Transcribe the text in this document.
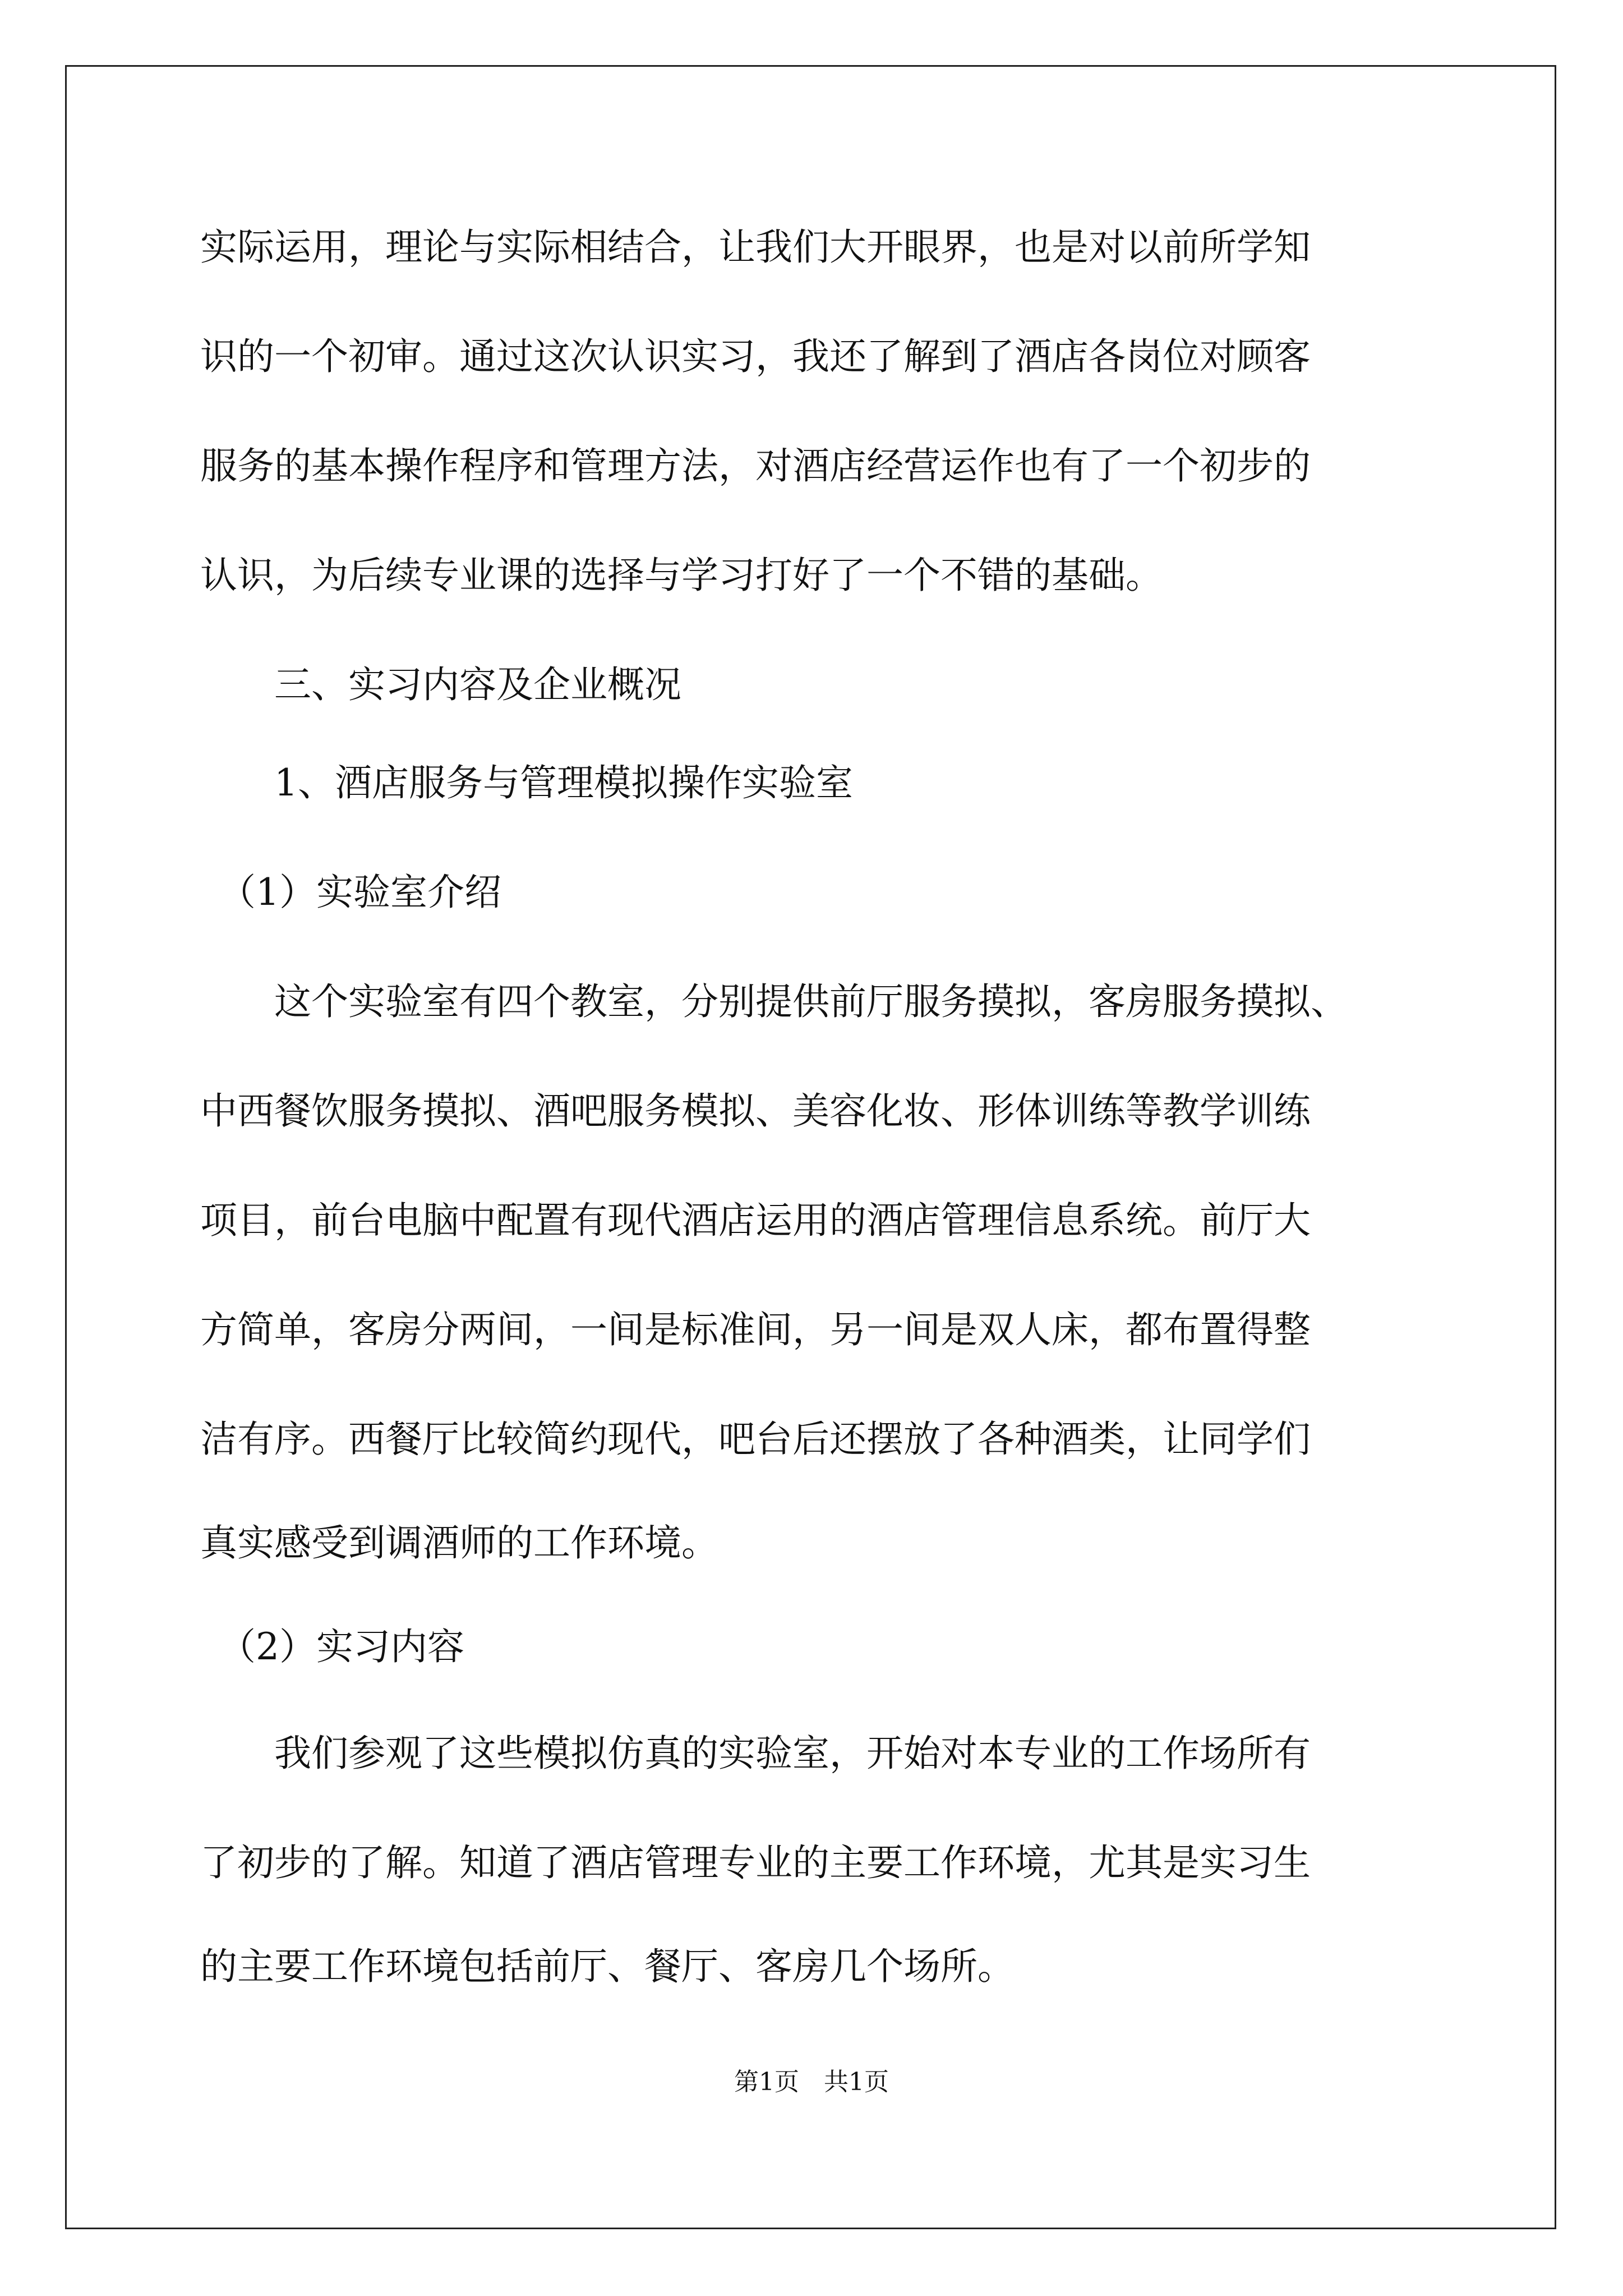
实际运用，理论与实际相结合，让我们大开眼界，也是对以前所学知

识的一个初审。通过这次认识实习，我还了解到了酒店各岗位对顾客

服务的基本操作程序和管理方法，对酒店经营运作也有了一个初步的

认识，为后续专业课的选择与学习打好了一个不错的基础。

　　三、实习内容及企业概况

　　1、酒店服务与管理模拟操作实验室

　（1）实验室介绍

　　这个实验室有四个教室，分别提供前厅服务摸拟，客房服务摸拟、

中西餐饮服务摸拟、酒吧服务模拟、美容化妆、形体训练等教学训练

项目，前台电脑中配置有现代酒店运用的酒店管理信息系统。前厅大

方简单，客房分两间，一间是标准间，另一间是双人床，都布置得整

洁有序。西餐厅比较简约现代，吧台后还摆放了各种酒类，让同学们

真实感受到调酒师的工作环境。

　（2）实习内容

　　我们参观了这些模拟仿真的实验室，开始对本专业的工作场所有

了初步的了解。知道了酒店管理专业的主要工作环境，尤其是实习生

的主要工作环境包括前厅、餐厅、客房几个场所。

第1页　共1页
